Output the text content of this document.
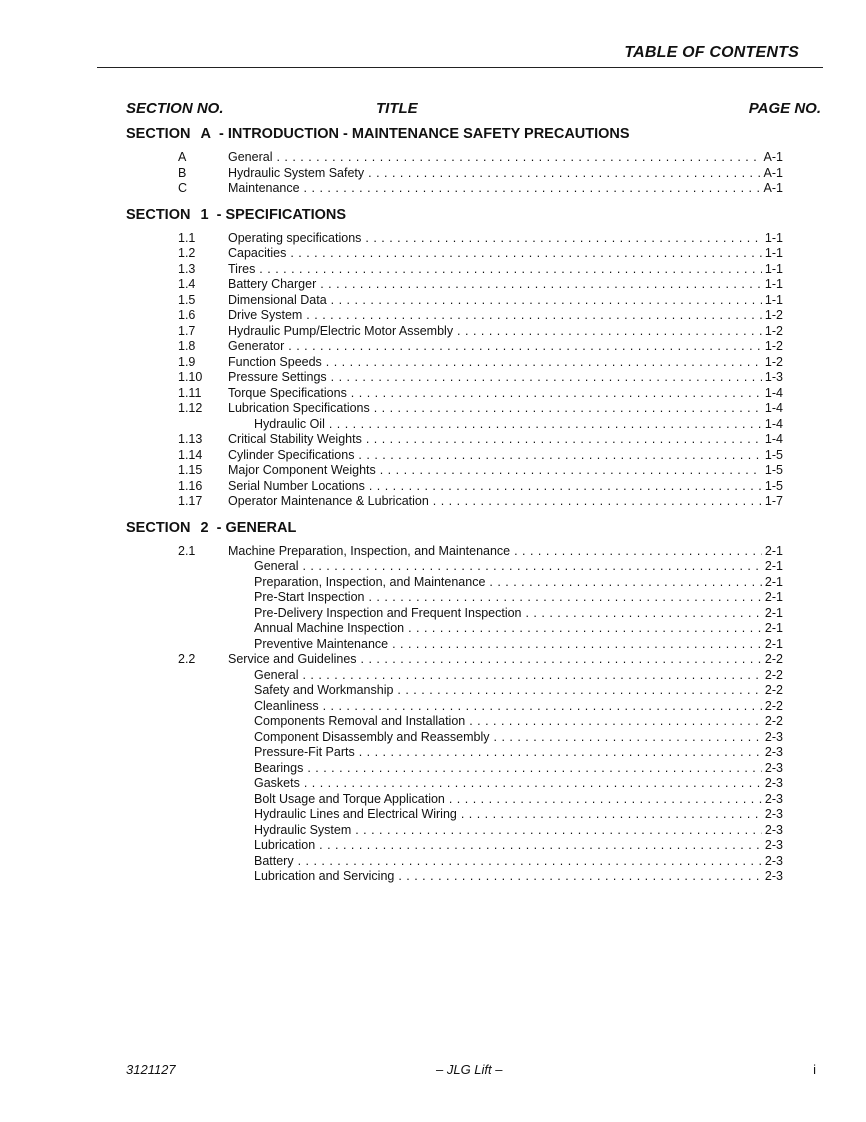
TABLE OF CONTENTS
SECTION NO.	TITLE	PAGE NO.
SECTION A - INTRODUCTION - MAINTENANCE SAFETY PRECAUTIONS
A	General . . .	A-1
B	Hydraulic System Safety . . .	A-1
C	Maintenance . . .	A-1
SECTION 1 - SPECIFICATIONS
1.1	Operating specifications . . .	1-1
1.2	Capacities . . .	1-1
1.3	Tires . . .	1-1
1.4	Battery Charger . . .	1-1
1.5	Dimensional Data . . .	1-1
1.6	Drive System . . .	1-2
1.7	Hydraulic Pump/Electric Motor Assembly . . .	1-2
1.8	Generator . . .	1-2
1.9	Function Speeds . . .	1-2
1.10 Pressure Settings . . .	1-3
1.11 Torque Specifications . . .	1-4
1.12 Lubrication Specifications . . .	1-4
Hydraulic Oil . . .	1-4
1.13 Critical Stability Weights . . .	1-4
1.14 Cylinder Specifications . . .	1-5
1.15 Major Component Weights . . .	1-5
1.16 Serial Number Locations . . .	1-5
1.17 Operator Maintenance & Lubrication . . .	1-7
SECTION 2 - GENERAL
2.1	Machine Preparation, Inspection, and Maintenance . . .	2-1
General . . .	2-1
Preparation, Inspection, and Maintenance . . .	2-1
Pre-Start Inspection . . .	2-1
Pre-Delivery Inspection and Frequent Inspection . . .	2-1
Annual Machine Inspection . . .	2-1
Preventive Maintenance . . .	2-1
2.2	Service and Guidelines . . .	2-2
General . . .	2-2
Safety and Workmanship . . .	2-2
Cleanliness . . .	2-2
Components Removal and Installation . . .	2-2
Component Disassembly and Reassembly . . .	2-3
Pressure-Fit Parts . . .	2-3
Bearings . . .	2-3
Gaskets . . .	2-3
Bolt Usage and Torque Application . . .	2-3
Hydraulic Lines and Electrical Wiring . . .	2-3
Hydraulic System . . .	2-3
Lubrication . . .	2-3
Battery . . .	2-3
Lubrication and Servicing . . .	2-3
3121127	– JLG Lift –	i
